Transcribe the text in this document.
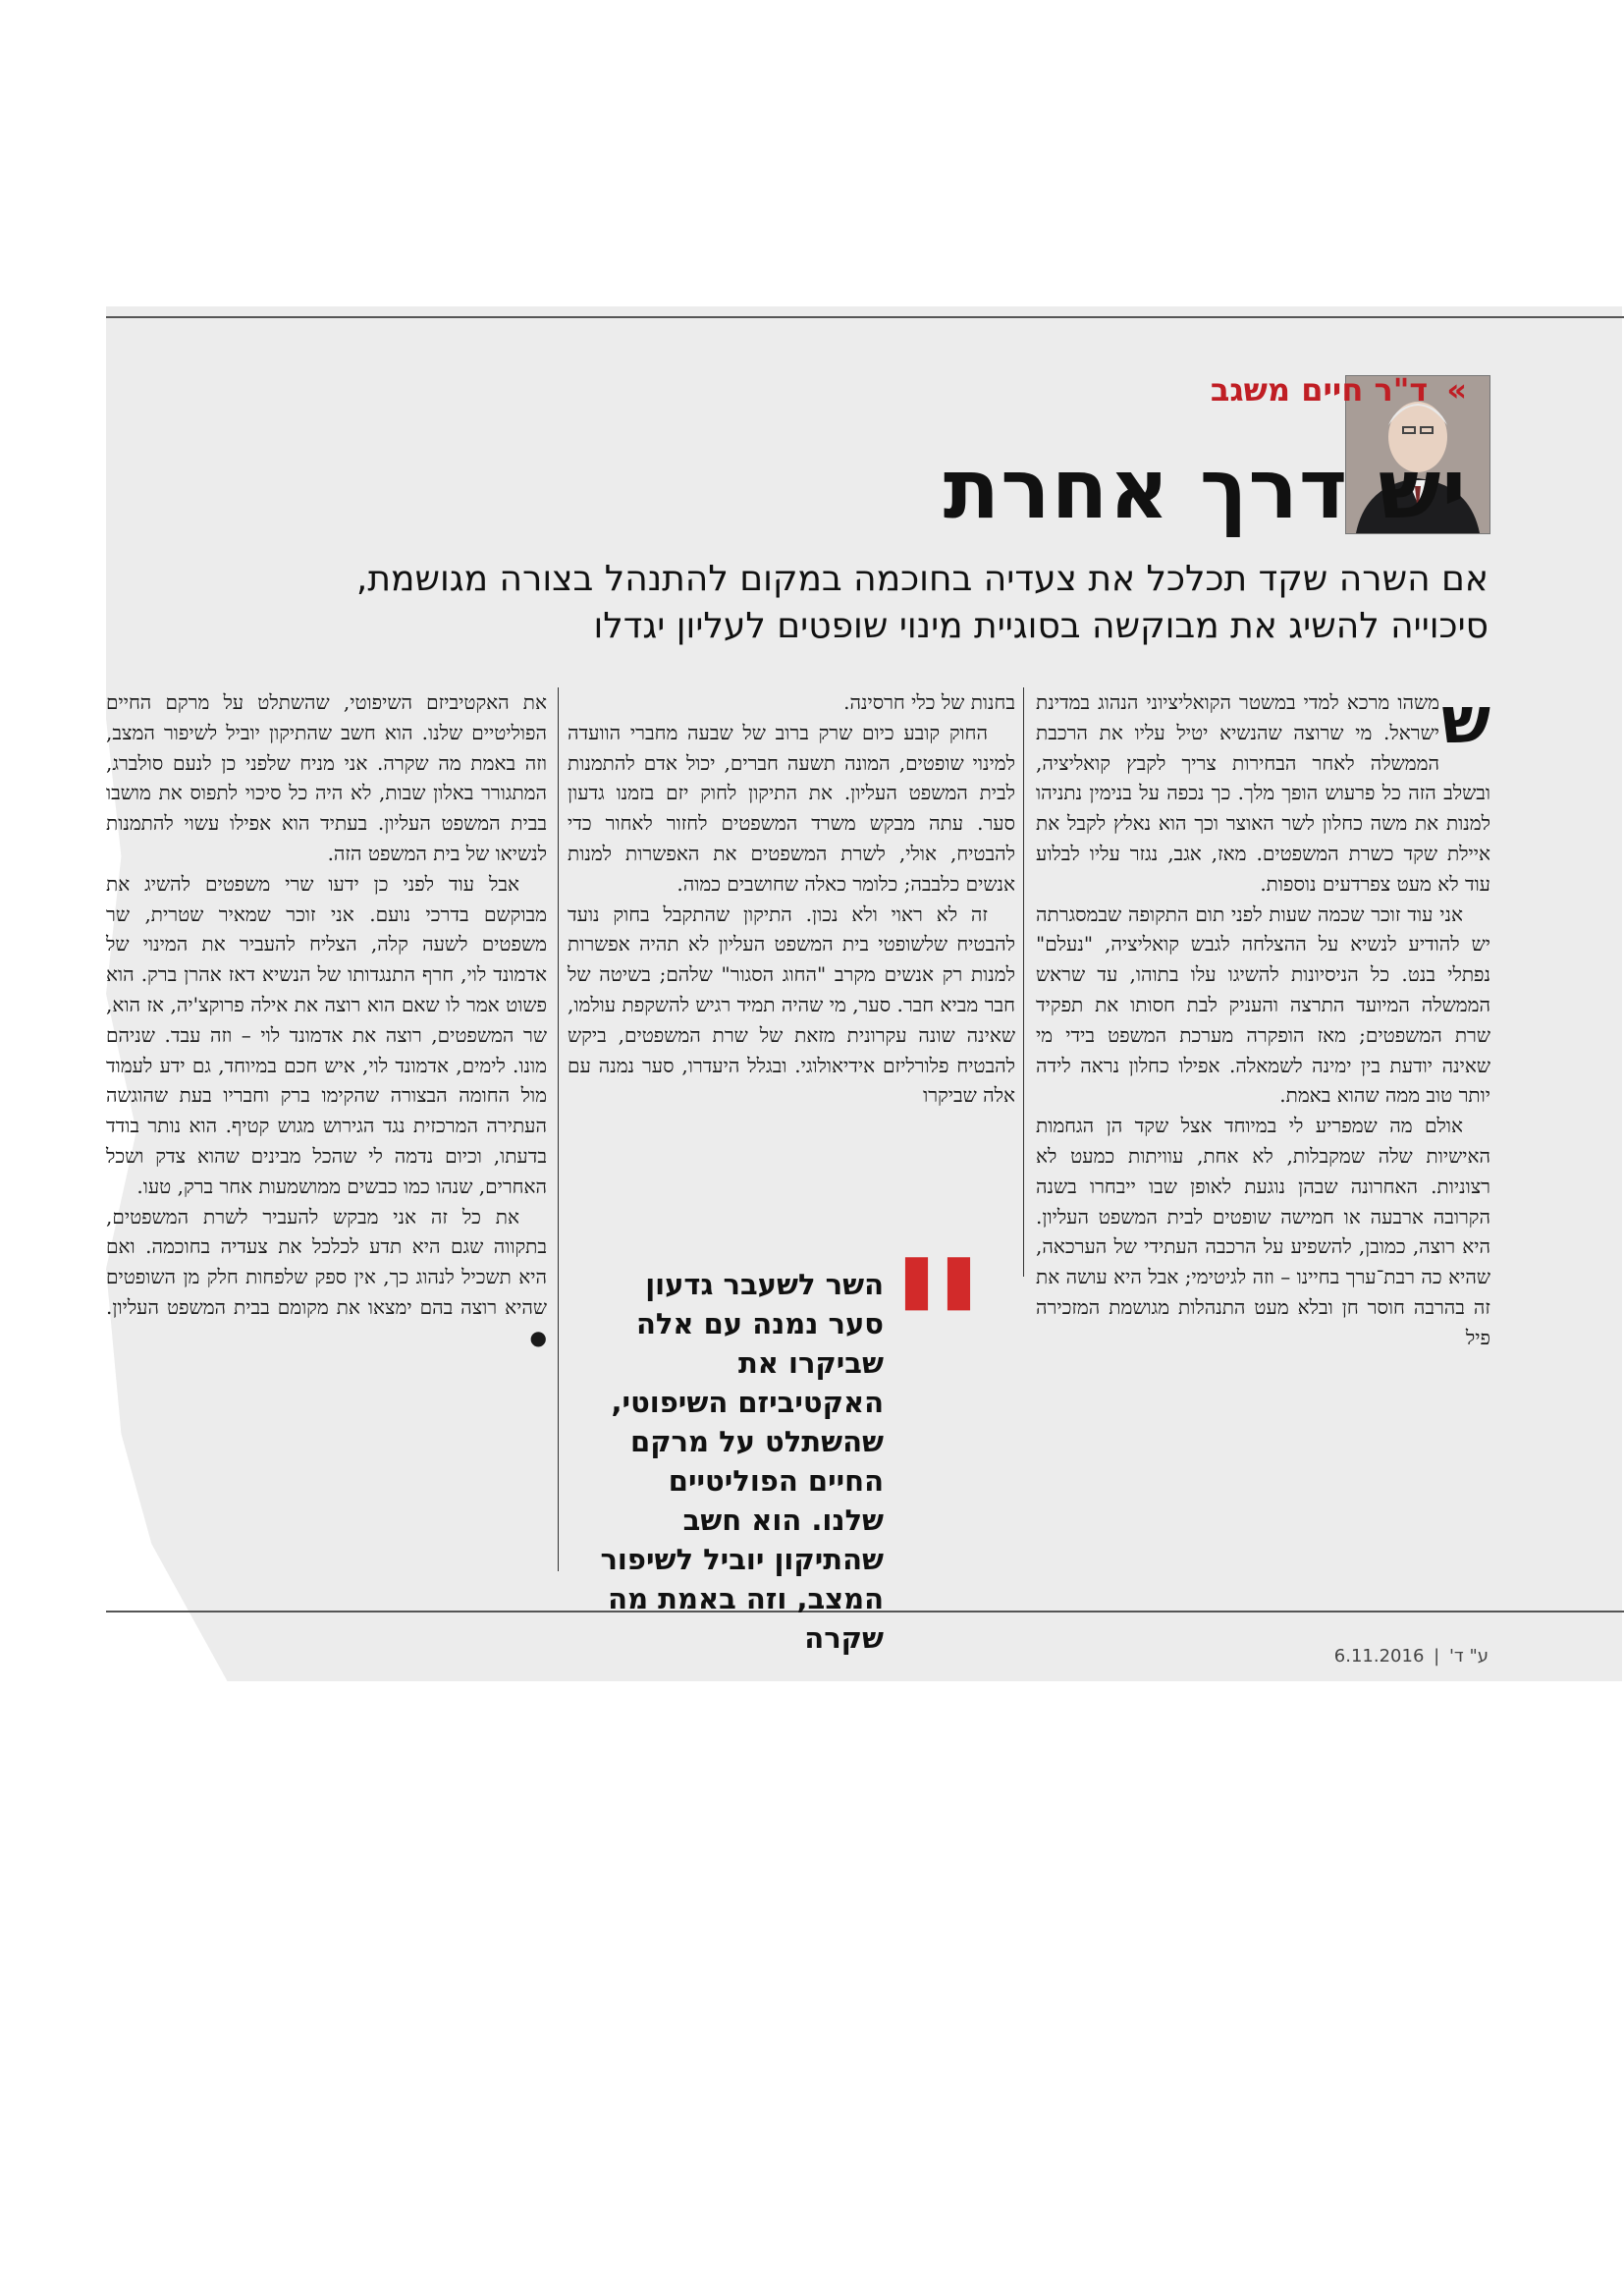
» ד"ר חיים משגב
יש דרך אחרת
אם השרה שקד תכלכל את צעדיה בחוכמה במקום להתנהל בצורה מגושמת, סיכוייה להשיג את מבוקשה בסוגיית מינוי שופטים לעליון יגדלו
ש

משהו מרכא למדי במשטר הקואליציוני הנהוג במדינת ישראל. מי שרוצה שהנשיא יטיל עליו את הרכבת הממשלה לאחר הבחירות צריך לקבץ קואליציה, ובשלב הזה כל פרעוש הופך מלך. כך נכפה על בנימין נתניהו למנות את משה כחלון לשר האוצר וכך הוא נאלץ לקבל את איילת שקד כשרת המשפטים. מאז, אגב, נגזר עליו לבלוע עוד לא מעט צפרדעים נוספות.

אני עוד זוכר שכמה שעות לפני תום התקופה שבמסגרתה יש להודיע לנשיא על ההצלחה לגבש קואליציה, "נעלם" נפתלי בנט. כל הניסיונות להשיגו עלו בתוהו, עד שראש הממשלה המיועד התרצה והעניק לבת חסותו את תפקיד שרת המשפטים; מאז הופקרה מערכת המשפט בידי מי שאינה יודעת בין ימינה לשמאלה. אפילו כחלון נראה לידה יותר טוב ממה שהוא באמת.

אולם מה שמפריע לי במיוחד אצל שקד הן הגחמות האישיות שלה שמקבלות, לא אחת, עוויתות כמעט לא רצוניות. האחרונה שבהן נוגעת לאופן שבו ייבחרו בשנה הקרובה ארבעה או חמישה שופטים לבית המשפט העליון. היא רוצה, כמובן, להשפיע על הרכבה העתידי של הערכאה, שהיא כה רבת־ערך בחיינו – וזה לגיטימי; אבל היא עושה את זה בהרבה חוסר חן ובלא מעט התנהלות מגושמת המזכירה פיל

בחנות של כלי חרסינה.

החוק קובע כיום שרק ברוב של שבעה מחברי הוועדה למינוי שופטים, המונה תשעה חברים, יכול אדם להתמנות לבית המשפט העליון. את התיקון לחוק יזם בזמנו גדעון סער. עתה מבקש משרד המשפטים לחזור לאחור כדי להבטיח, אולי, לשרת המשפטים את האפשרות למנות אנשים כלבבה; כלומר כאלה שחושבים כמוה.

זה לא ראוי ולא נכון. התיקון שהתקבל בחוק נועד להבטיח שלשופטי בית המשפט העליון לא תהיה אפשרות למנות רק אנשים מקרב "החוג הסגור" שלהם; בשיטה של חבר מביא חבר. סער, מי שהיה תמיד רגיש להשקפת עולמו, שאינה שונה עקרונית מזאת של שרת המשפטים, ביקש להבטיח פלורליזם אידיאולוגי. ובגלל היעדרו, סער נמנה עם אלה שביקרו

את האקטיביזם השיפוטי, שהשתלט על מרקם החיים הפוליטיים שלנו. הוא חשב שהתיקון יוביל לשיפור המצב, וזה באמת מה שקרה. אני מניח שלפני כן לנעם סולברג, המתגורר באלון שבות, לא היה כל סיכוי לתפוס את מושבו בבית המשפט העליון. בעתיד הוא אפילו עשוי להתמנות לנשיאו של בית המשפט הזה.

אבל עוד לפני כן ידעו שרי משפטים להשיג את מבוקשם בדרכי נועם. אני זוכר שמאיר שטרית, שר משפטים לשעה קלה, הצליח להעביר את המינוי של אדמונד לוי, חרף התנגדותו של הנשיא דאז אהרן ברק. הוא פשוט אמר לו שאם הוא רוצה את אילה פרוקצ'יה, אז הוא, שר המשפטים, רוצה את אדמונד לוי – וזה עבד. שניהם מונו. לימים, אדמונד לוי, איש חכם במיוחד, גם ידע לעמוד מול החומה הבצורה שהקימו ברק וחבריו בעת שהוגשה העתירה המרכזית נגד הגירוש מגוש קטיף. הוא נותר בודד בדעתו, וכיום נדמה לי שהכל מבינים שהוא צדק ושכל האחרים, שנהו כמו כבשים ממושמעות אחר ברק, טעו.

את כל זה אני מבקש להעביר לשרת המשפטים, בתקווה שגם היא תדע לכלכל את צעדיה בחוכמה. ואם היא תשכיל לנהוג כך, אין ספק שלפחות חלק מן השופטים שהיא רוצה בהם ימצאו את מקומם בבית המשפט העליון. ● "
השר לשעבר גדעון סער נמנה עם אלה שביקרו את האקטיביזם השיפוטי, שהשתלט על מרקם החיים הפוליטיים שלנו. הוא חשב שהתיקון יוביל לשיפור המצב, וזה באמת מה שקרה
ע" ד' | 6.11.2016
